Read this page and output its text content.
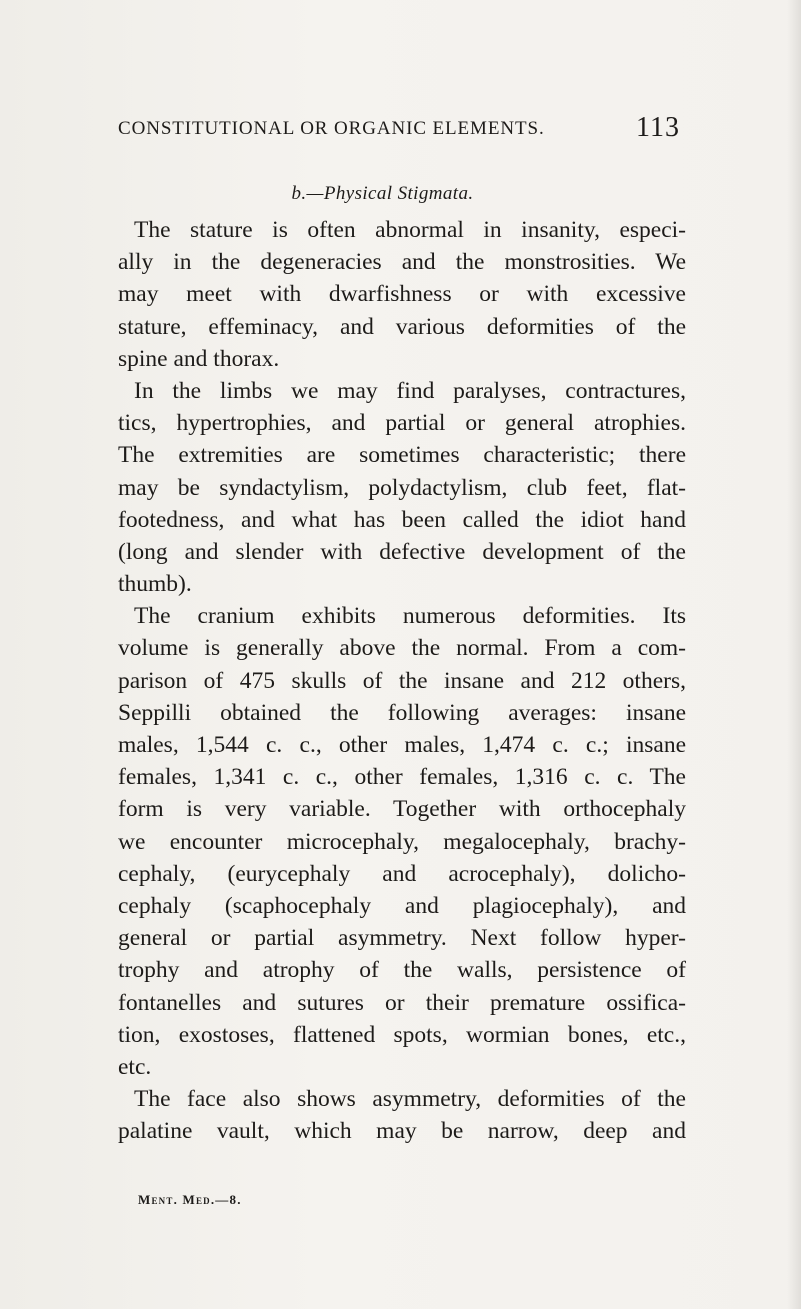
CONSTITUTIONAL OR ORGANIC ELEMENTS.	113
b.—Physical Stigmata.
The stature is often abnormal in insanity, especi-
ally in the degeneracies and the monstrosities. We
may meet with dwarfishness or with excessive
stature, effeminacy, and various deformities of the
spine and thorax.
In the limbs we may find paralyses, contractures,
tics, hypertrophies, and partial or general atrophies.
The extremities are sometimes characteristic; there
may be syndactylism, polydactylism, club feet, flat-
footedness, and what has been called the idiot hand
(long and slender with defective development of the
thumb).
The cranium exhibits numerous deformities. Its
volume is generally above the normal. From a com-
parison of 475 skulls of the insane and 212 others,
Seppilli obtained the following averages: insane
males, 1,544 c. c., other males, 1,474 c. c.; insane
females, 1,341 c. c., other females, 1,316 c. c. The
form is very variable. Together with orthocephaly
we encounter microcephaly, megalocephaly, brachy-
cephaly, (eurycephaly and acrocephaly), dolicho-
cephaly (scaphocephaly and plagiocephaly), and
general or partial asymmetry. Next follow hyper-
trophy and atrophy of the walls, persistence of
fontanelles and sutures or their premature ossifica-
tion, exostoses, flattened spots, wormian bones, etc.,
etc.
The face also shows asymmetry, deformities of the
palatine vault, which may be narrow, deep and
Ment. Med.—8.
